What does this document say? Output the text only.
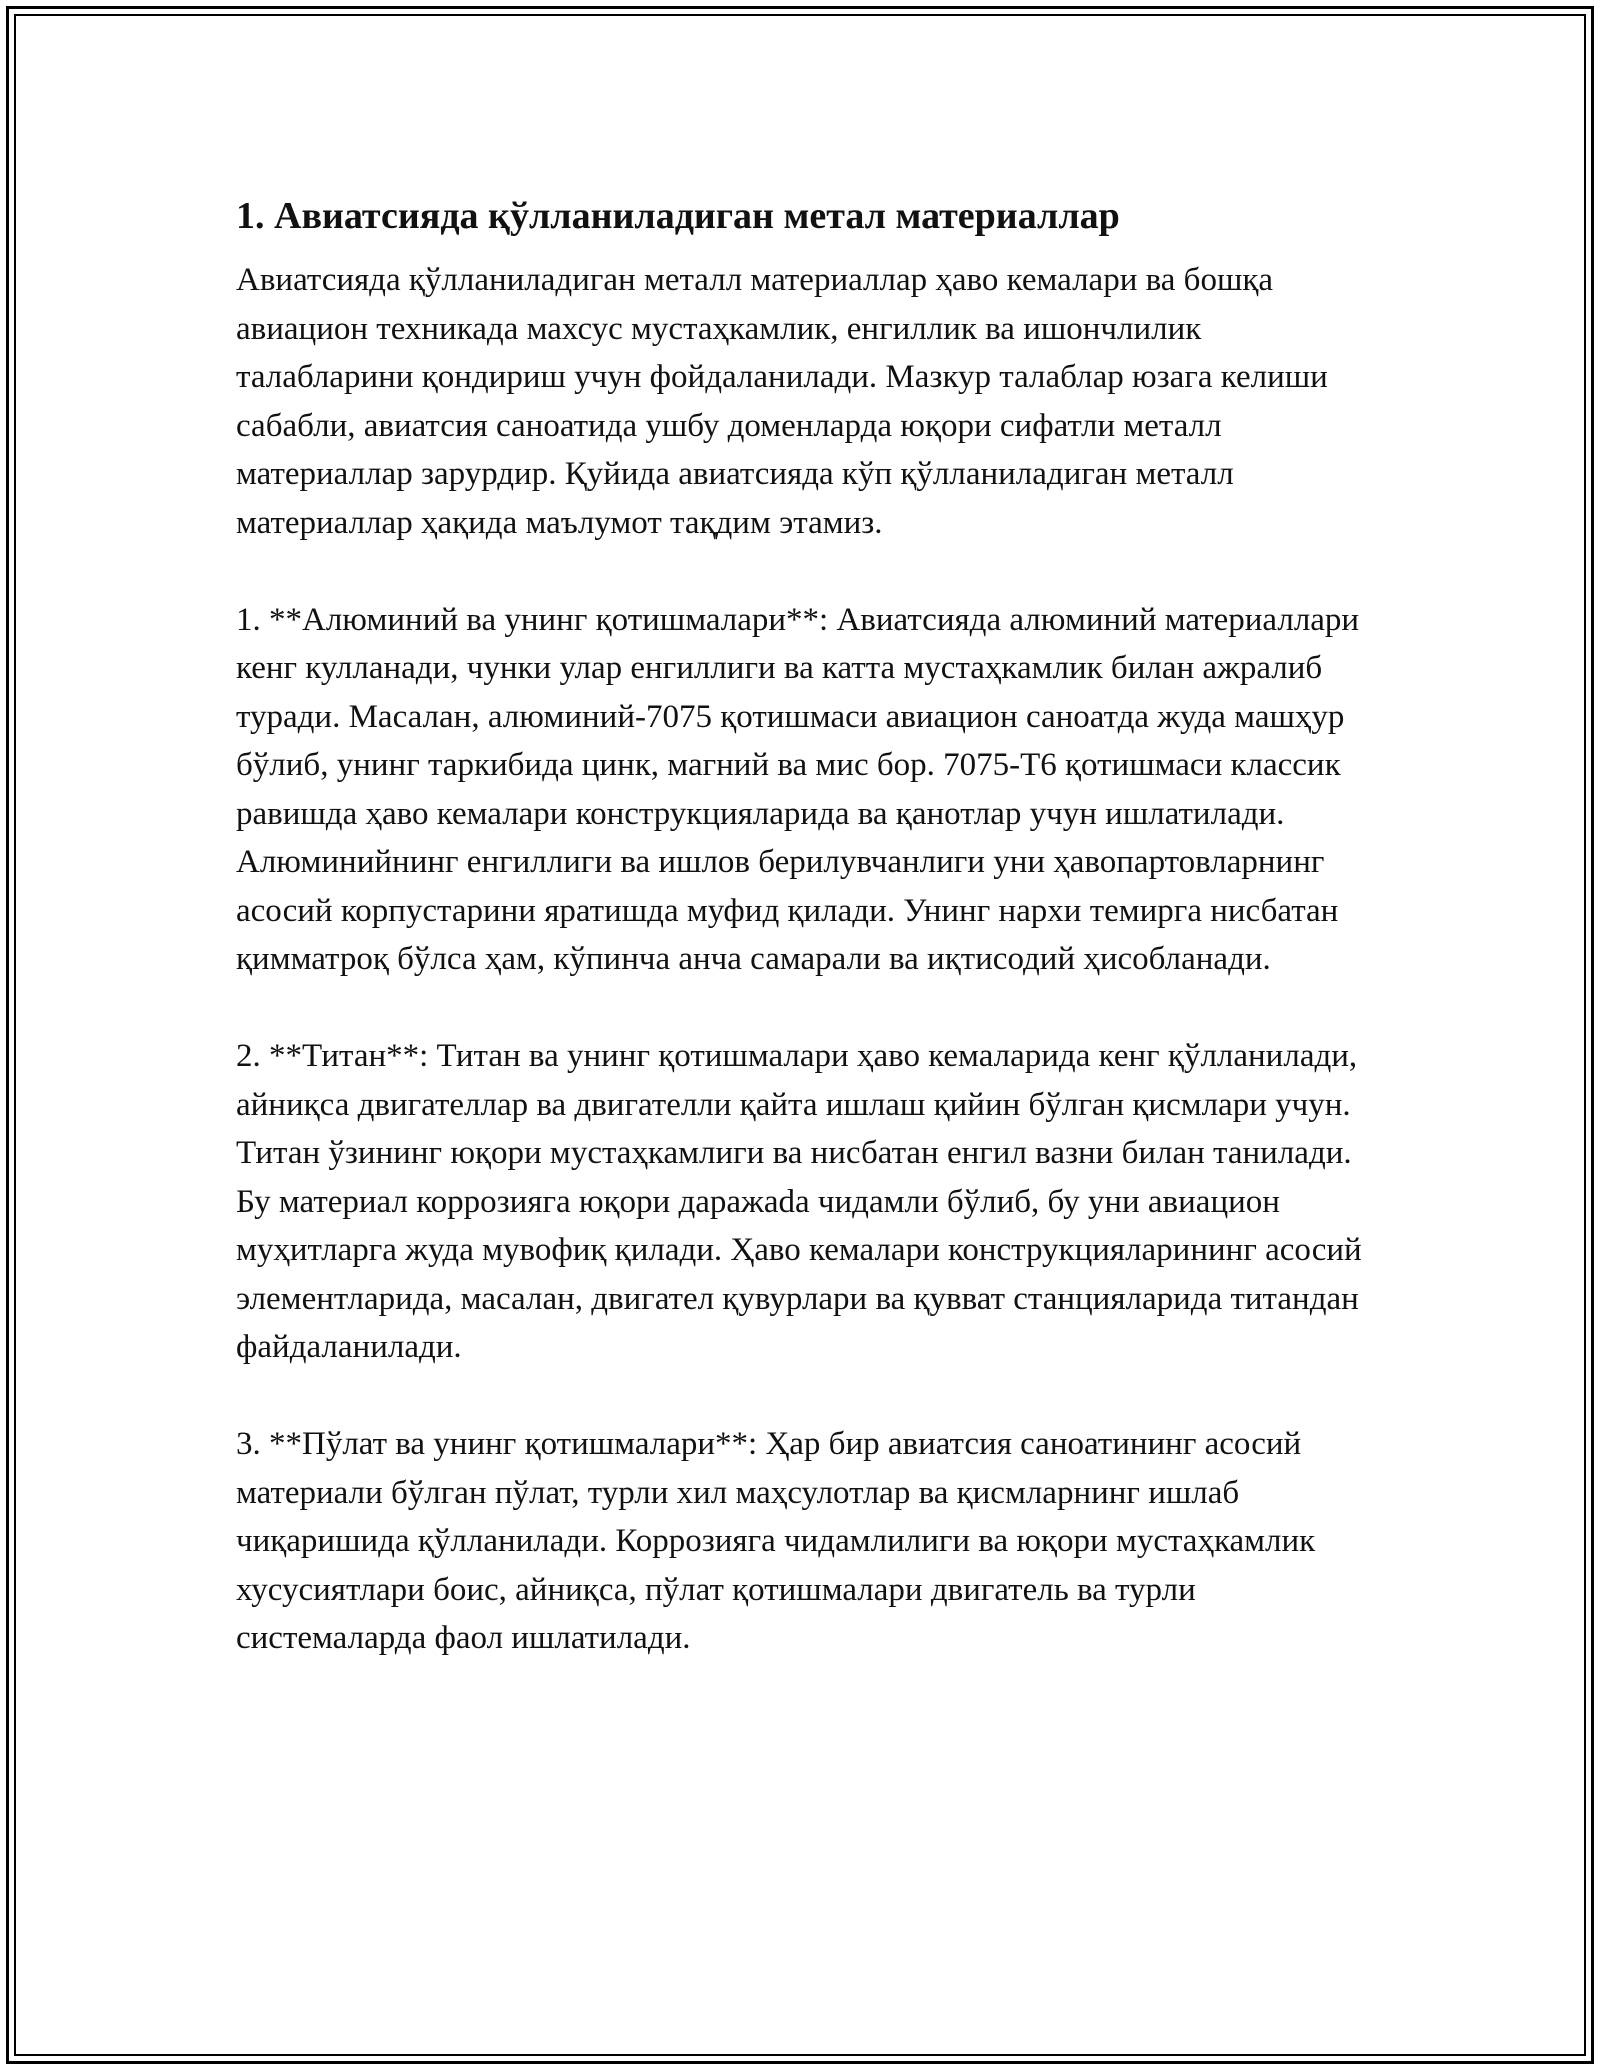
1. Авиатсияда қўлланиладиган метал материаллар

Авиатсияда қўлланиладиган металл материаллар ҳаво кемалари ва бошқа авиацион техникада махсус мустаҳкамлик, енгиллик ва ишончлилик талабларини қондириш учун фойдаланилади. Мазкур талаблар юзага келиши сабабли, авиатсия саноатида ушбу доменларда юқори сифатли металл материаллар зарурдир. Қуйида авиатсияда кўп қўлланиладиган металл материаллар ҳақида маълумот тақдим этамиз.

1. **Алюминий ва унинг қотишмалари**: Авиатсияда алюминий материаллари кенг кулланади, чунки улар енгиллиги ва катта мустаҳкамлик билан ажралиб туради. Масалан, алюминий-7075 қотишмаси авиацион саноатда жуда машҳур бўлиб, унинг таркибида цинк, магний ва мис бор. 7075-T6 қотишмаси классик равишда ҳаво кемалари конструкцияларида ва қанотлар учун ишлатилади. Алюминийнинг енгиллиги ва ишлов берилувчанлиги уни ҳавопартовларнинг асосий корпустарини яратишда муфид қилади. Унинг нархи темирга нисбатан қимматроқ бўлса ҳам, кўпинча анча самарали ва иқтисодий ҳисобланади.

2. **Титан**: Титан ва унинг қотишмалари ҳаво кемаларида кенг қўлланилади, айниқса двигателлар ва двигателли қайта ишлаш қийин бўлган қисмлари учун. Титан ўзининг юқори мустаҳкамлиги ва нисбатан енгил вазни билан танилади. Бу материал коррозияга юқори даражada чидамли бўлиб, бу уни авиацион муҳитларга жуда мувофиқ қилади. Ҳаво кемалари конструкцияларининг асосий элементларида, масалан, двигател қувурлари ва қувват станцияларида титандан файдаланилади.

3. **Пўлат ва унинг қотишмалари**: Ҳар бир авиатсия саноатининг асосий материали бўлган пўлат, турли хил маҳсулотлар ва қисмларнинг ишлаб чиқаришида қўлланилади. Коррозияга чидамлилиги ва юқори мустаҳкамлик хусусиятлари боис, айниқса, пўлат қотишмалари двигатель ва турли системаларда фаол ишлатилади.
